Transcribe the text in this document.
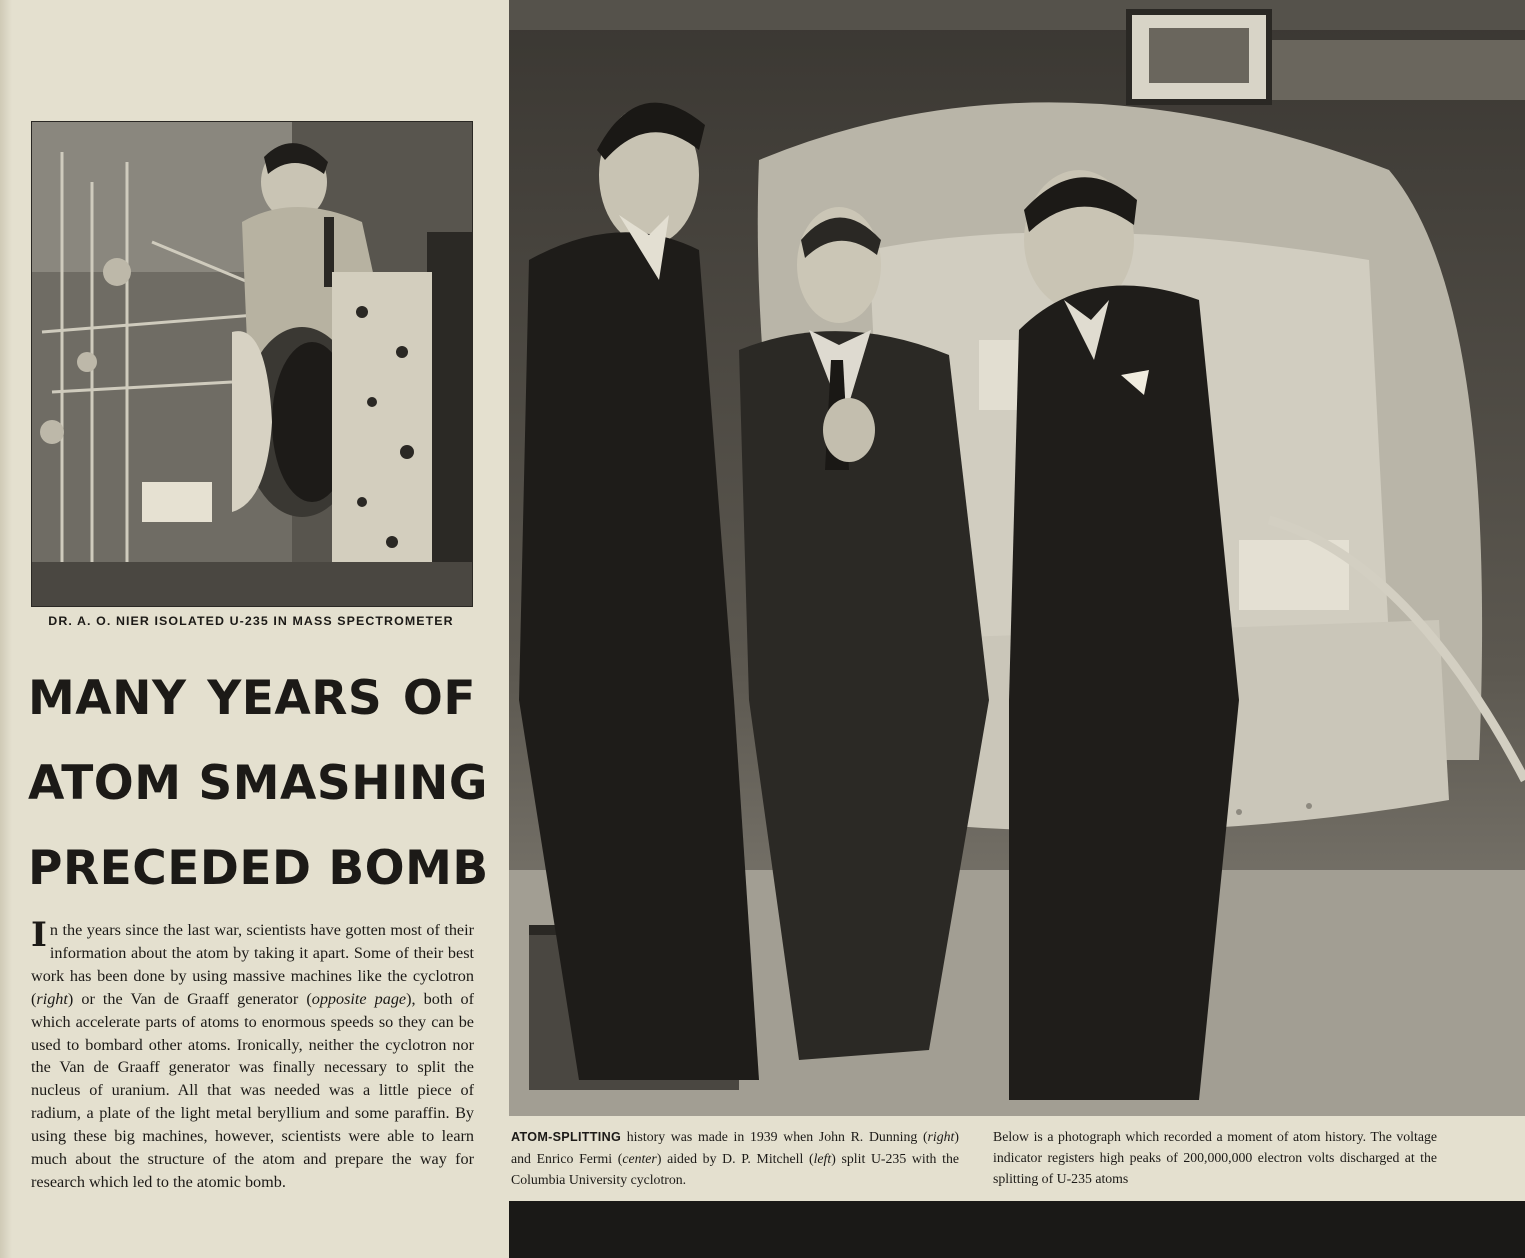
DR. A. O. NIER ISOLATED U-235 IN MASS SPECTROMETER
MANY YEARS OF
ATOM SMASHING
PRECEDED BOMB

In the years since the last war, scientists have gotten most of their information about the atom by taking it apart. Some of their best work has been done by using massive machines like the cyclotron (right) or the Van de Graaff generator (opposite page), both of which accelerate parts of atoms to enormous speeds so they can be used to bombard other atoms. Ironically, neither the cyclotron nor the Van de Graaff generator was finally necessary to split the nucleus of uranium. All that was needed was a little piece of radium, a plate of the light metal beryllium and some paraffin. By using these big machines, however, scientists were able to learn much about the structure of the atom and prepare the way for research which led to the atomic bomb.

ATOM-SPLITTING history was made in 1939 when John R. Dunning (right) and Enrico Fermi (center) aided by D. P. Mitchell (left) split U-235 with the Columbia University cyclotron.
Below is a photograph which recorded a moment of atom history. The voltage indicator registers high peaks of 200,000,000 electron volts discharged at the splitting of U-235 atoms
